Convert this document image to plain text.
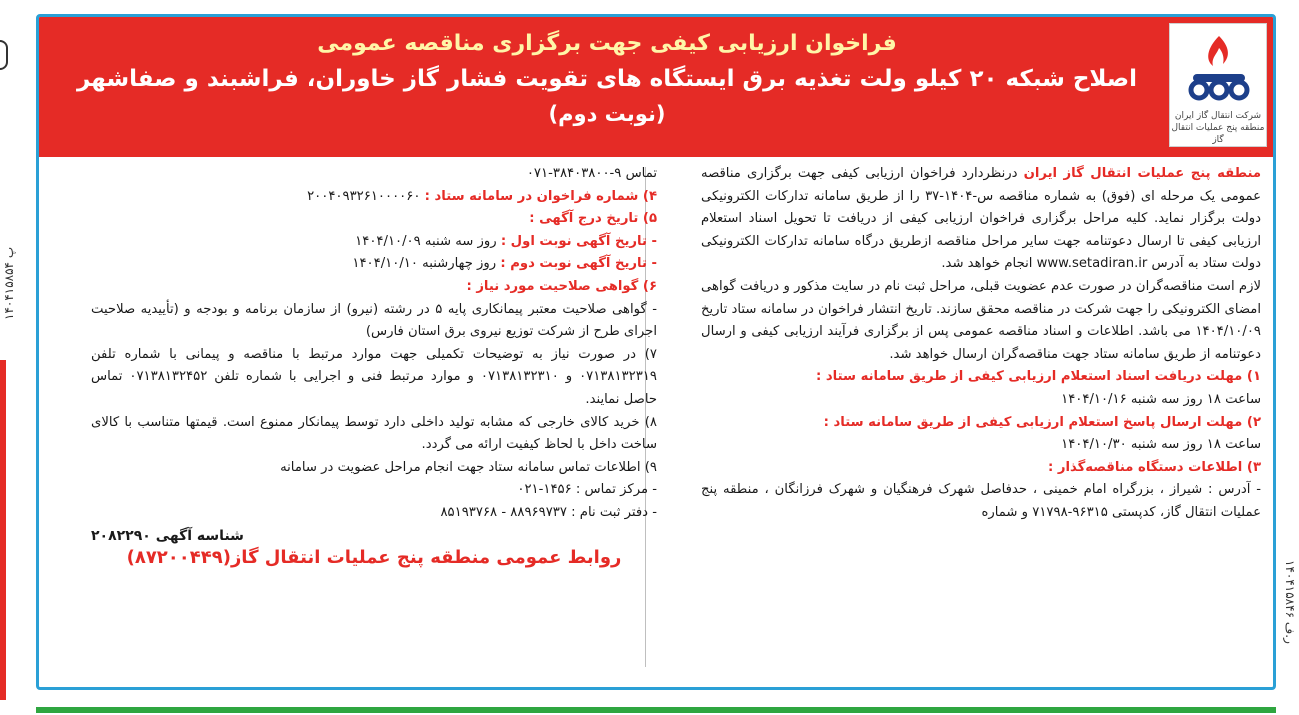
۱۴۰۴۱۵۸۵۴ پ
۱۴۰۴۱۵۸۴۶ ر.ف
شرکت انتقال گاز ایران منطقه پنج عملیات انتقال گاز
فراخوان ارزیابی کیفی جهت برگزاری مناقصه عمومی
اصلاح شبکه ۲۰ کیلو ولت تغذیه برق ایستگاه های تقویت فشار گاز خاوران، فراشبند و صفاشهر
(نوبت دوم)

منطقه پنج عملیات انتقال گاز ایران درنظردارد فراخوان ارزیابی کیفی جهت برگزاری مناقصه عمومی یک مرحله ای (فوق) به شماره مناقصه س-۱۴۰۴-۳۷ را از طریق سامانه تدارکات الکترونیکی دولت برگزار نماید. کلیه مراحل برگزاری فراخوان ارزیابی کیفی از دریافت تا تحویل اسناد استعلام ارزیابی کیفی تا ارسال دعوتنامه جهت سایر مراحل مناقصه ازطریق درگاه سامانه تدارکات الکترونیکی دولت ستاد به آدرس www.setadiran.ir انجام خواهد شد.

لازم است مناقصه‌گران در صورت عدم عضویت قبلی، مراحل ثبت نام در سایت مذکور و دریافت گواهی امضای الکترونیکی را جهت شرکت در مناقصه محقق سازند. تاریخ انتشار فراخوان در سامانه ستاد تاریخ ۱۴۰۴/۱۰/۰۹ می باشد. اطلاعات و اسناد مناقصه عمومی پس از برگزاری فرآیند ارزیابی کیفی و ارسال دعوتنامه از طریق سامانه ستاد جهت مناقصه‌گران ارسال خواهد شد.

۱) مهلت دریافت اسناد استعلام ارزیابی کیفی از طریق سامانه ستاد :

ساعت ۱۸ روز سه شنبه ۱۴۰۴/۱۰/۱۶

۲) مهلت ارسال پاسخ استعلام ارزیابی کیفی از طریق سامانه ستاد :

ساعت ۱۸ روز سه شنبه ۱۴۰۴/۱۰/۳۰

۳) اطلاعات دستگاه مناقصه‌گذار :

- آدرس : شیراز ، بزرگراه امام خمینی ، حدفاصل شهرک فرهنگیان و شهرک فرزانگان ، منطقه پنج عملیات انتقال گاز، کدپستی ۹۶۳۱۵-۷۱۷۹۸ و شماره

تماس ۹-۳۸۴۰۳۸۰۰-۰۷۱

۴) شماره فراخوان در سامانه ستاد : ۲۰۰۴۰۹۳۲۶۱۰۰۰۰۶۰

۵) تاریخ درج آگهی :

- تاریخ آگهی نوبت اول : روز سه شنبه ۱۴۰۴/۱۰/۰۹

- تاریخ آگهی نوبت دوم : روز چهارشنبه ۱۴۰۴/۱۰/۱۰

۶) گواهی صلاحیت مورد نیاز :

- گواهی صلاحیت معتبر پیمانکاری پایه ۵ در رشته (نیرو) از سازمان برنامه و بودجه و (تأییدیه صلاحیت اجرای طرح از شرکت توزیع نیروی برق استان فارس)

۷) در صورت نیاز به توضیحات تکمیلی جهت موارد مرتبط با مناقصه و پیمانی با شماره تلفن ۰۷۱۳۸۱۳۲۳۱۹ و ۰۷۱۳۸۱۳۲۳۱۰ و موارد مرتبط فنی و اجرایی با شماره تلفن ۰۷۱۳۸۱۳۲۴۵۲ تماس حاصل نمایند.

۸) خرید کالای خارجی که مشابه تولید داخلی دارد توسط پیمانکار ممنوع است. قیمتها متناسب با کالای ساخت داخل با لحاظ کیفیت ارائه می گردد.

۹) اطلاعات تماس سامانه ستاد جهت انجام مراحل عضویت در سامانه

- مرکز تماس : ۱۴۵۶-۰۲۱

- دفتر ثبت نام : ۸۸۹۶۹۷۳۷ - ۸۵۱۹۳۷۶۸

شناسه آگهی ۲۰۸۲۲۹۰

روابط عمومی منطقه پنج عملیات انتقال گاز(۸۷۲۰۰۴۴۹)
